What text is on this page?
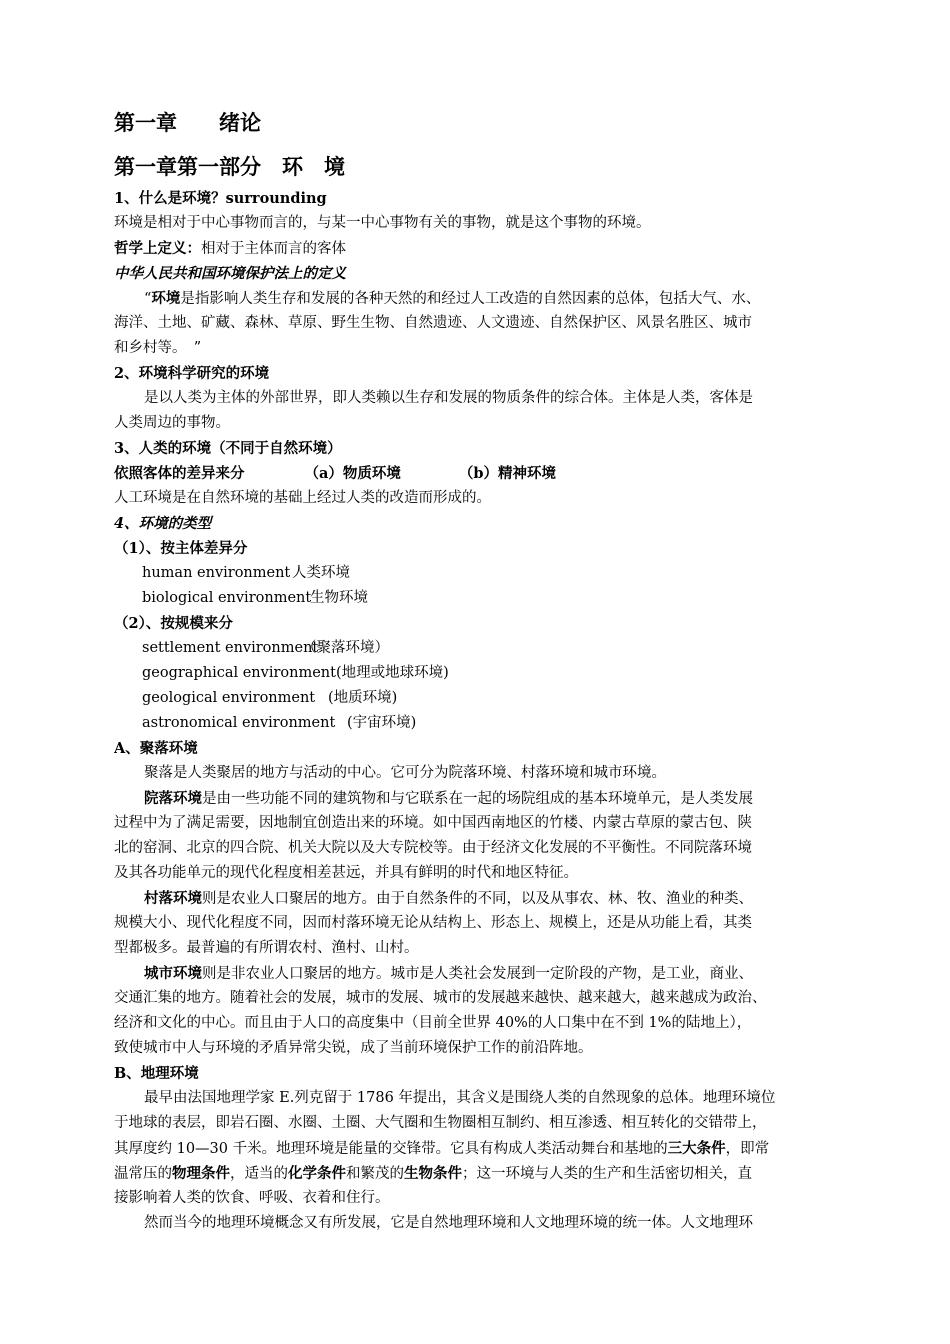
第一章　　绪论
第一章第一部分　环　境
1、什么是环境？surrounding
环境是相对于中心事物而言的，与某一中心事物有关的事物，就是这个事物的环境。
哲学上定义：相对于主体而言的客体
中华人民共和国环境保护法上的定义
“环境是指影响人类生存和发展的各种天然的和经过人工改造的自然因素的总体，包括大气、水、
海洋、土地、矿藏、森林、草原、野生生物、自然遗迹、人文遗迹、自然保护区、风景名胜区、城市
和乡村等。　”
2、环境科学研究的环境
是以人类为主体的外部世界，即人类赖以生存和发展的物质条件的综合体。主体是人类，客体是
人类周边的事物。
3、人类的环境（不同于自然环境）
依照客体的差异来分	（a）物质环境	（b）精神环境
人工环境是在自然环境的基础上经过人类的改造而形成的。
4、环境的类型
（1）、按主体差异分
human environment 人类环境
biological environment生物环境
（2）、按规模来分
settlement environment（聚落环境）
geographical environment(地理或地球环境)
geological environment (地质环境)
astronomical environment (宇宙环境)
A、聚落环境
聚落是人类聚居的地方与活动的中心。它可分为院落环境、村落环境和城市环境。
院落环境是由一些功能不同的建筑物和与它联系在一起的场院组成的基本环境单元，是人类发展
过程中为了满足需要，因地制宜创造出来的环境。如中国西南地区的竹楼、内蒙古草原的蒙古包、陕
北的窑洞、北京的四合院、机关大院以及大专院校等。由于经济文化发展的不平衡性。不同院落环境
及其各功能单元的现代化程度相差甚远，并具有鲜明的时代和地区特征。
村落环境则是农业人口聚居的地方。由于自然条件的不同，以及从事农、林、牧、渔业的种类、
规模大小、现代化程度不同，因而村落环境无论从结构上、形态上、规模上，还是从功能上看，其类
型都极多。最普遍的有所谓农村、渔村、山村。
城市环境则是非农业人口聚居的地方。城市是人类社会发展到一定阶段的产物，是工业，商业、
交通汇集的地方。随着社会的发展，城市的发展、城市的发展越来越快、越来越大，越来越成为政治、
经济和文化的中心。而且由于人口的高度集中（目前全世界 40%的人口集中在不到 1%的陆地上），
致使城市中人与环境的矛盾异常尖锐，成了当前环境保护工作的前沿阵地。
B、地理环境
最早由法国地理学家 E.列克留于 1786 年提出，其含义是围绕人类的自然现象的总体。地理环境位
于地球的表层，即岩石圈、水圈、土圈、大气圈和生物圈相互制约、相互渗透、相互转化的交错带上，
其厚度约 10—30 千米。地理环境是能量的交锋带。它具有构成人类活动舞台和基地的三大条件，即常
温常压的物理条件，适当的化学条件和繁茂的生物条件；这一环境与人类的生产和生活密切相关，直
接影响着人类的饮食、呼吸、衣着和住行。
然而当今的地理环境概念又有所发展，它是自然地理环境和人文地理环境的统一体。人文地理环
